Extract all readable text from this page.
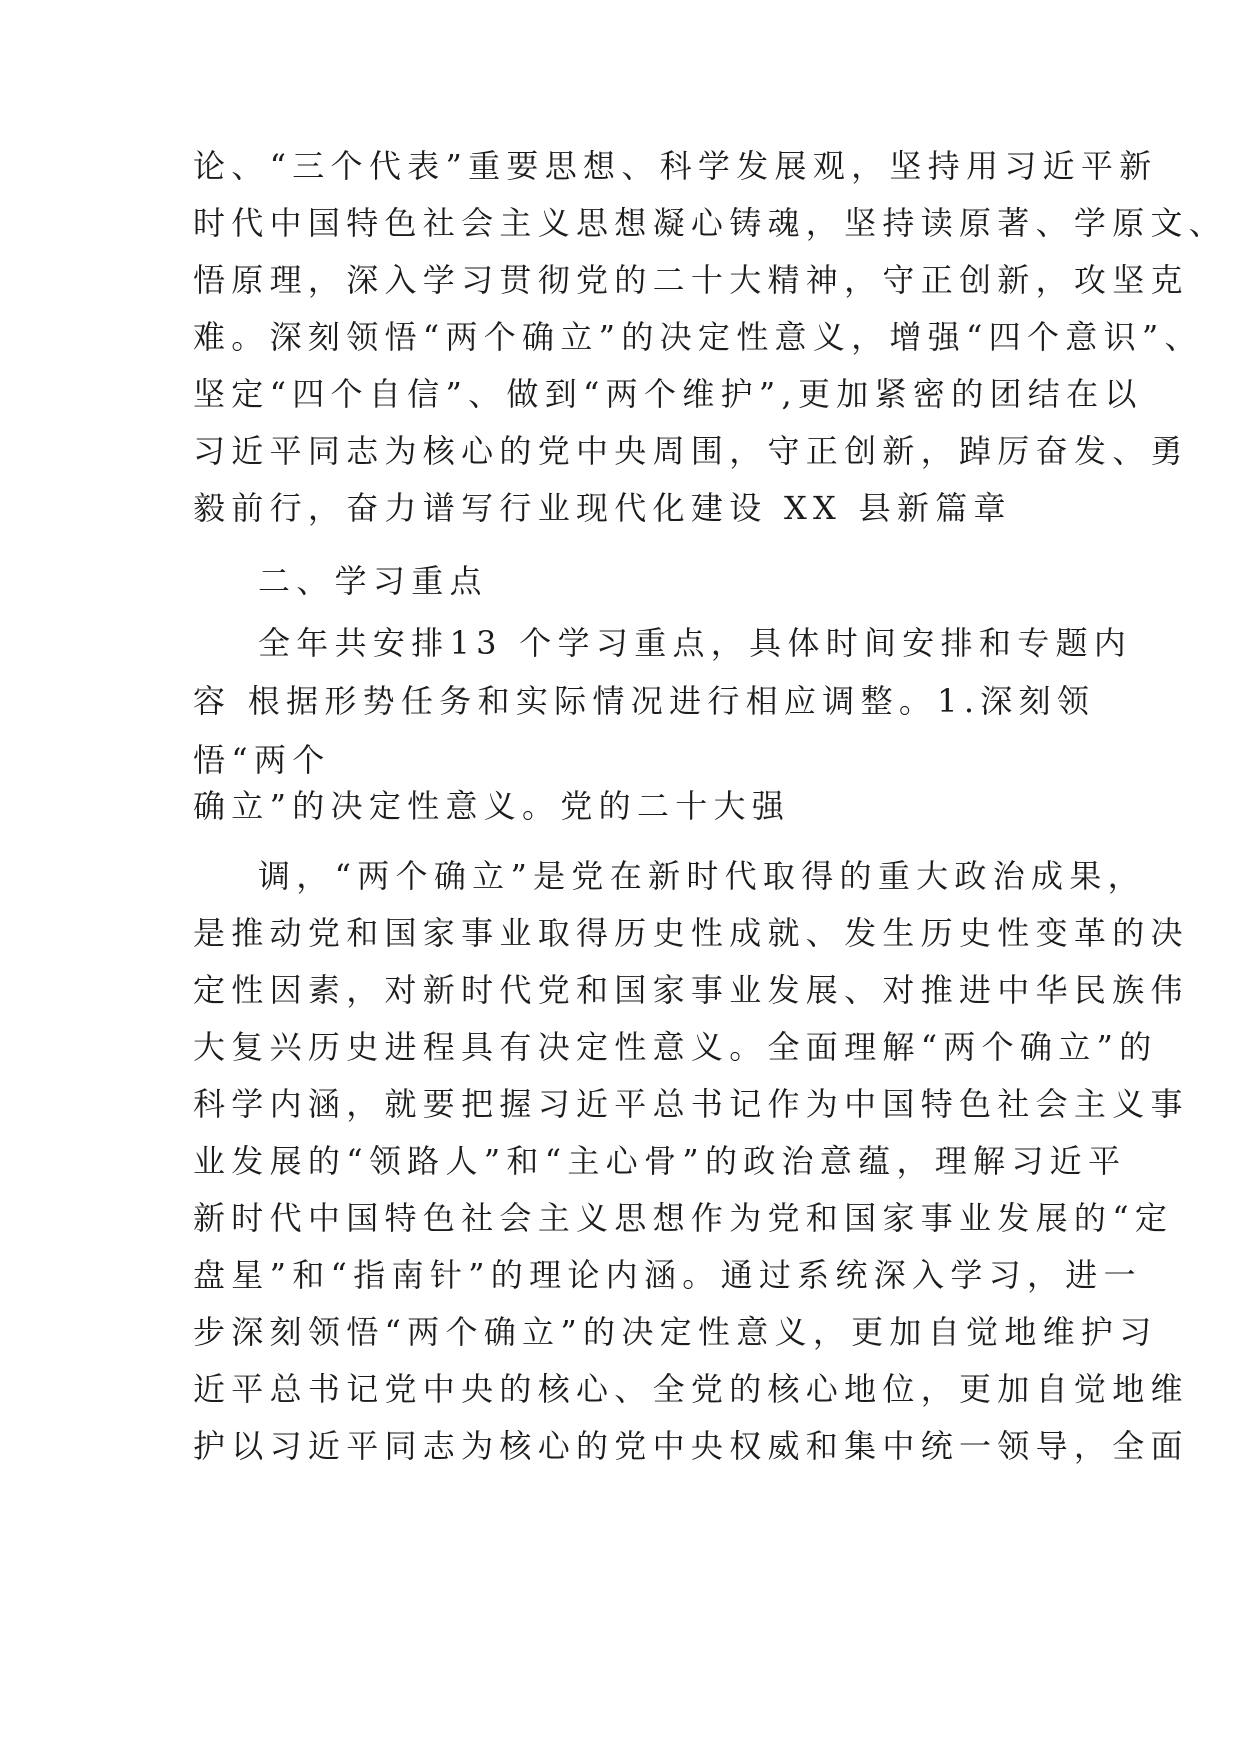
论、“三个代表”重要思想、科学发展观，坚持用习近平新

时代中国特色社会主义思想凝心铸魂，坚持读原著、学原文、

悟原理，深入学习贯彻党的二十大精神，守正创新，攻坚克

难。深刻领悟“两个确立”的决定性意义，增强“四个意识”、

坚定“四个自信”、做到“两个维护”,更加紧密的团结在以

习近平同志为核心的党中央周围，守正创新，踔厉奋发、勇

毅前行，奋力谱写行业现代化建设 XX 县新篇章

二、学习重点

全年共安排13 个学习重点，具体时间安排和专题内

容 根据形势任务和实际情况进行相应调整。1.深刻领

悟“两个

确立”的决定性意义。党的二十大强

调，“两个确立”是党在新时代取得的重大政治成果，

是推动党和国家事业取得历史性成就、发生历史性变革的决

定性因素，对新时代党和国家事业发展、对推进中华民族伟

大复兴历史进程具有决定性意义。全面理解“两个确立”的

科学内涵，就要把握习近平总书记作为中国特色社会主义事

业发展的“领路人”和“主心骨”的政治意蕴，理解习近平

新时代中国特色社会主义思想作为党和国家事业发展的“定

盘星”和“指南针”的理论内涵。通过系统深入学习，进一

步深刻领悟“两个确立”的决定性意义，更加自觉地维护习

近平总书记党中央的核心、全党的核心地位，更加自觉地维

护以习近平同志为核心的党中央权威和集中统一领导，全面
